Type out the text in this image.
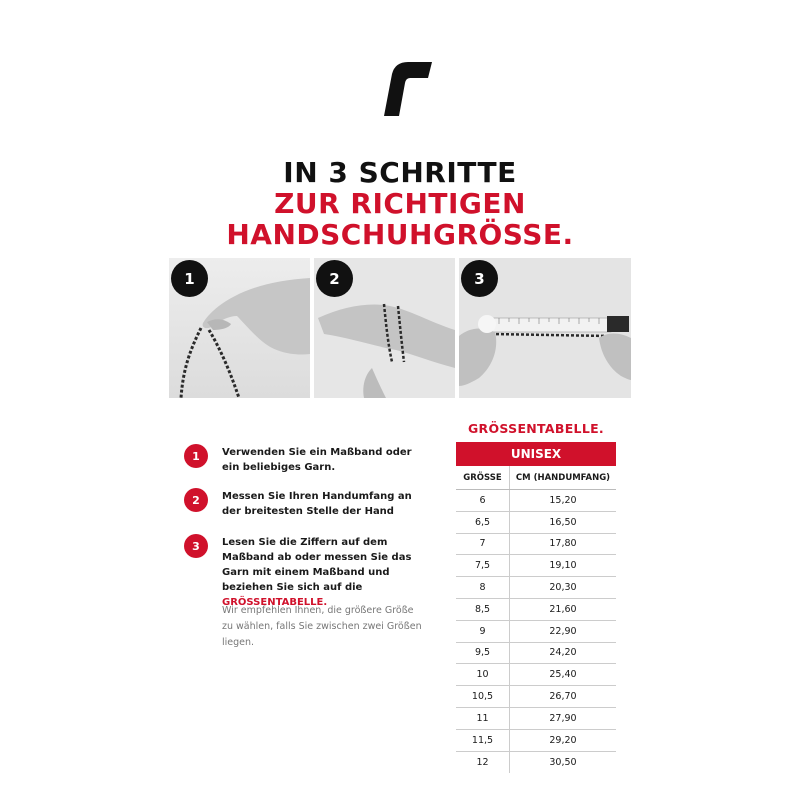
IN 3 SCHRITTE
ZUR RICHTIGEN
HANDSCHUHGRÖSSE.
1	2	3
1	Verwenden Sie ein Maßband oder ein beliebiges Garn.
2	Messen Sie Ihren Handumfang an der breitesten Stelle der Hand
3	Lesen Sie die Ziffern auf dem Maßband ab oder messen Sie das Garn mit einem Maßband und beziehen Sie sich auf die GRÖSSENTABELLE.
Wir empfehlen Ihnen, die größere Größe zu wählen, falls Sie zwischen zwei Größen liegen.
GRÖSSENTABELLE.
UNISEX
GRÖSSE	CM (HANDUMFANG)
6	15,20
6,5	16,50
7	17,80
7,5	19,10
8	20,30
8,5	21,60
9	22,90
9,5	24,20
10	25,40
10,5	26,70
11	27,90
11,5	29,20
12	30,50
